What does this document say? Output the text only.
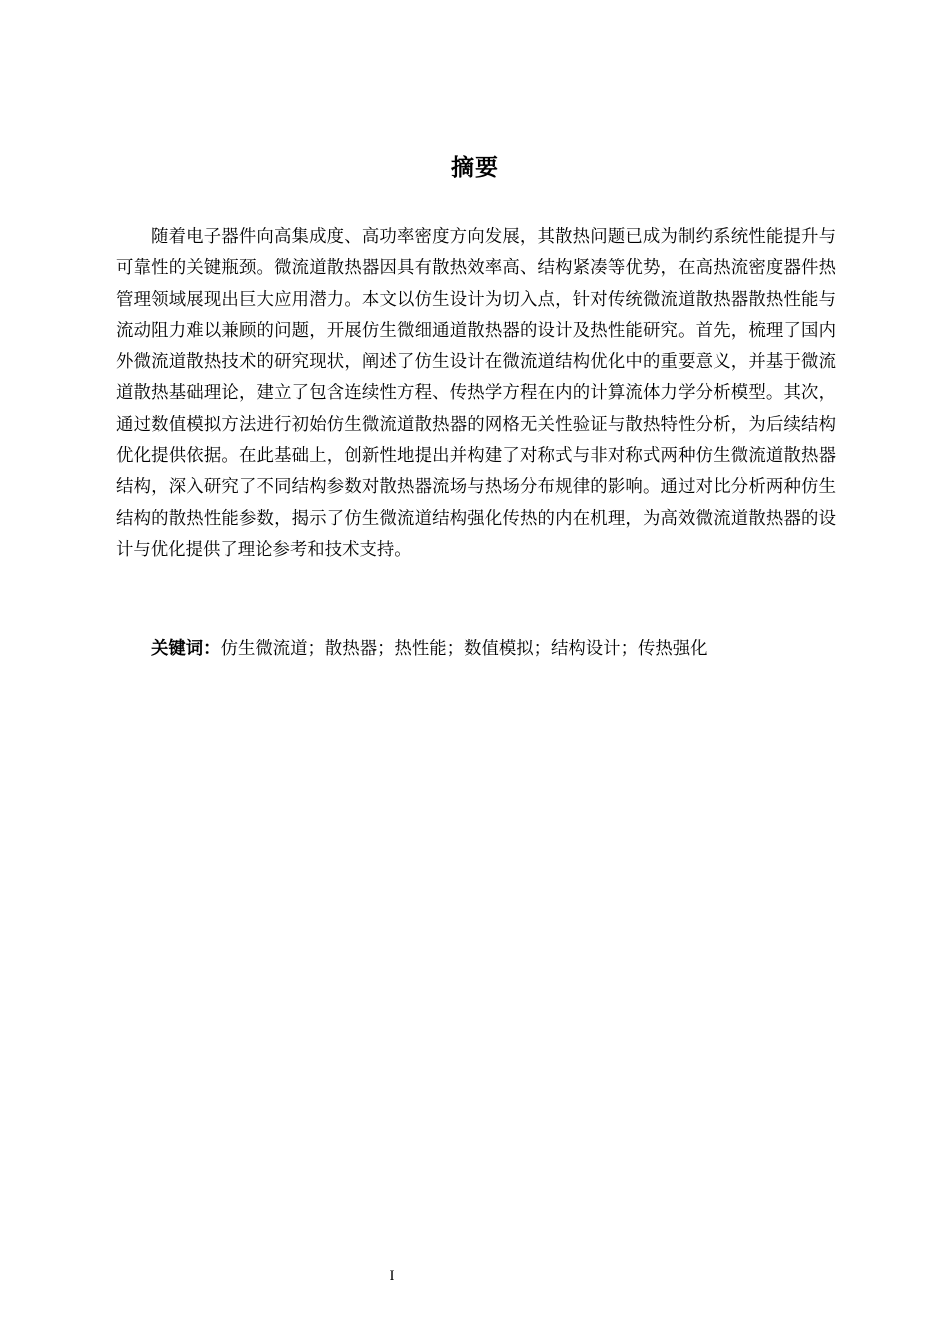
摘要

随着电子器件向高集成度、高功率密度方向发展，其散热问题已成为制约系统性能提升与可靠性的关键瓶颈。微流道散热器因具有散热效率高、结构紧凑等优势，在高热流密度器件热管理领域展现出巨大应用潜力。本文以仿生设计为切入点，针对传统微流道散热器散热性能与流动阻力难以兼顾的问题，开展仿生微细通道散热器的设计及热性能研究。首先，梳理了国内外微流道散热技术的研究现状，阐述了仿生设计在微流道结构优化中的重要意义，并基于微流道散热基础理论，建立了包含连续性方程、传热学方程在内的计算流体力学分析模型。其次，通过数值模拟方法进行初始仿生微流道散热器的网格无关性验证与散热特性分析，为后续结构优化提供依据。在此基础上，创新性地提出并构建了对称式与非对称式两种仿生微流道散热器结构，深入研究了不同结构参数对散热器流场与热场分布规律的影响。通过对比分析两种仿生结构的散热性能参数，揭示了仿生微流道结构强化传热的内在机理，为高效微流道散热器的设计与优化提供了理论参考和技术支持。

关键词：仿生微流道；散热器；热性能；数值模拟；结构设计；传热强化

I
